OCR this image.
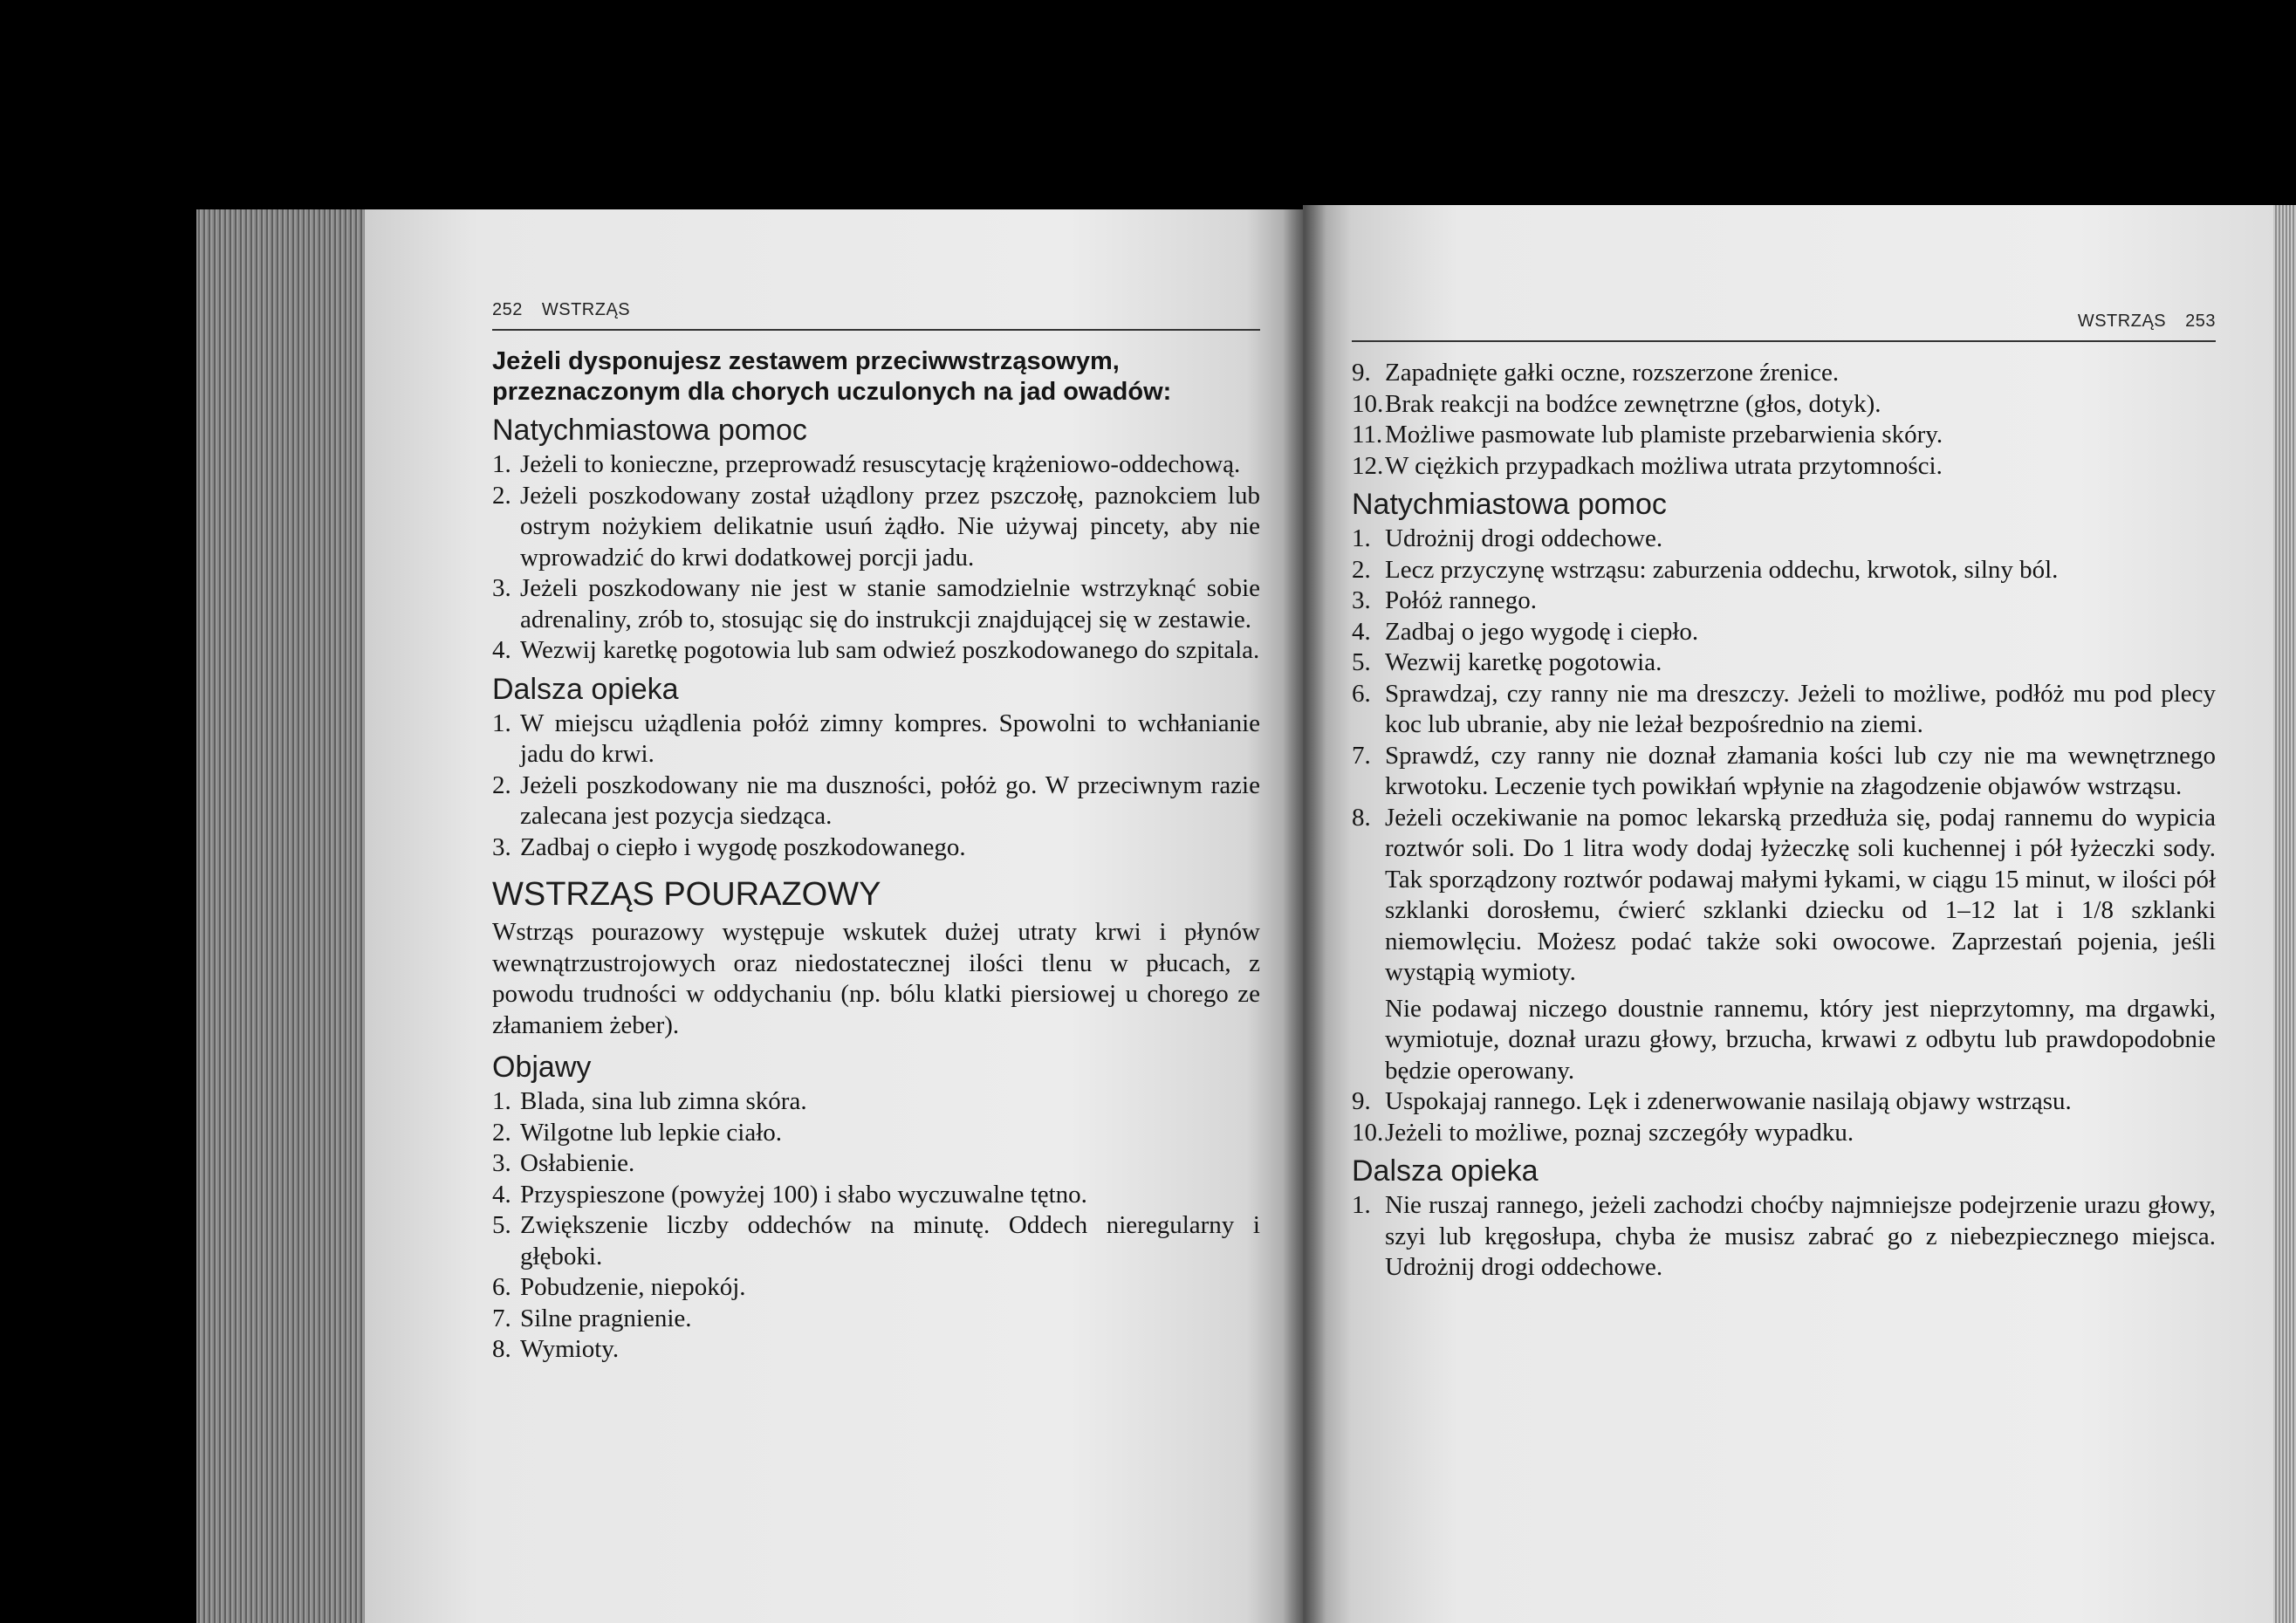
252 WSTRZĄS

Jeżeli dysponujesz zestawem przeciwwstrząsowym, przeznaczonym dla chorych uczulonych na jad owadów:

Natychmiastowa pomoc
1. Jeżeli to konieczne, przeprowadź resuscytację krążeniowo-oddechową.
2. Jeżeli poszkodowany został użądlony przez pszczołę, paznokciem lub ostrym nożykiem delikatnie usuń żądło. Nie używaj pincety, aby nie wprowadzić do krwi dodatkowej porcji jadu.
3. Jeżeli poszkodowany nie jest w stanie samodzielnie wstrzyknąć sobie adrenaliny, zrób to, stosując się do instrukcji znajdującej się w zestawie.
4. Wezwij karetkę pogotowia lub sam odwieź poszkodowanego do szpitala.
Dalsza opieka
1. W miejscu użądlenia połóż zimny kompres. Spowolni to wchłanianie jadu do krwi.
2. Jeżeli poszkodowany nie ma duszności, połóż go. W przeciwnym razie zalecana jest pozycja siedząca.
3. Zadbaj o ciepło i wygodę poszkodowanego.
WSTRZĄS POURAZOWY

Wstrząs pourazowy występuje wskutek dużej utraty krwi i płynów wewnątrzustrojowych oraz niedostatecznej ilości tlenu w płucach, z powodu trudności w oddychaniu (np. bólu klatki piersiowej u chorego ze złamaniem żeber).

Objawy
1. Blada, sina lub zimna skóra.
2. Wilgotne lub lepkie ciało.
3. Osłabienie.
4. Przyspieszone (powyżej 100) i słabo wyczuwalne tętno.
5. Zwiększenie liczby oddechów na minutę. Oddech nieregularny i głęboki.
6. Pobudzenie, niepokój.
7. Silne pragnienie.
8. Wymioty.
WSTRZĄS 253
9. Zapadnięte gałki oczne, rozszerzone źrenice.
10.Brak reakcji na bodźce zewnętrzne (głos, dotyk).
11.Możliwe pasmowate lub plamiste przebarwienia skóry.
12.W ciężkich przypadkach możliwa utrata przytomności.
Natychmiastowa pomoc
1. Udrożnij drogi oddechowe.
2. Lecz przyczynę wstrząsu: zaburzenia oddechu, krwotok, silny ból.
3. Połóż rannego.
4. Zadbaj o jego wygodę i ciepło.
5. Wezwij karetkę pogotowia.
6. Sprawdzaj, czy ranny nie ma dreszczy. Jeżeli to możliwe, podłóż mu pod plecy koc lub ubranie, aby nie leżał bezpośrednio na ziemi.
7. Sprawdź, czy ranny nie doznał złamania kości lub czy nie ma wewnętrznego krwotoku. Leczenie tych powikłań wpłynie na złagodzenie objawów wstrząsu.
8. Jeżeli oczekiwanie na pomoc lekarską przedłuża się, podaj rannemu do wypicia roztwór soli. Do 1 litra wody dodaj łyżeczkę soli kuchennej i pół łyżeczki sody. Tak sporządzony roztwór podawaj małymi łykami, w ciągu 15 minut, w ilości pół szklanki dorosłemu, ćwierć szklanki dziecku od 1–12 lat i 1/8 szklanki niemowlęciu. Możesz podać także soki owocowe. Zaprzestań pojenia, jeśli wystąpią wymioty.

Nie podawaj niczego doustnie rannemu, który jest nieprzytomny, ma drgawki, wymiotuje, doznał urazu głowy, brzucha, krwawi z odbytu lub prawdopodobnie będzie operowany.

9. Uspokajaj rannego. Lęk i zdenerwowanie nasilają objawy wstrząsu.
10.Jeżeli to możliwe, poznaj szczegóły wypadku.
Dalsza opieka
1. Nie ruszaj rannego, jeżeli zachodzi choćby najmniejsze podejrzenie urazu głowy, szyi lub kręgosłupa, chyba że musisz zabrać go z niebezpiecznego miejsca. Udrożnij drogi oddechowe.
